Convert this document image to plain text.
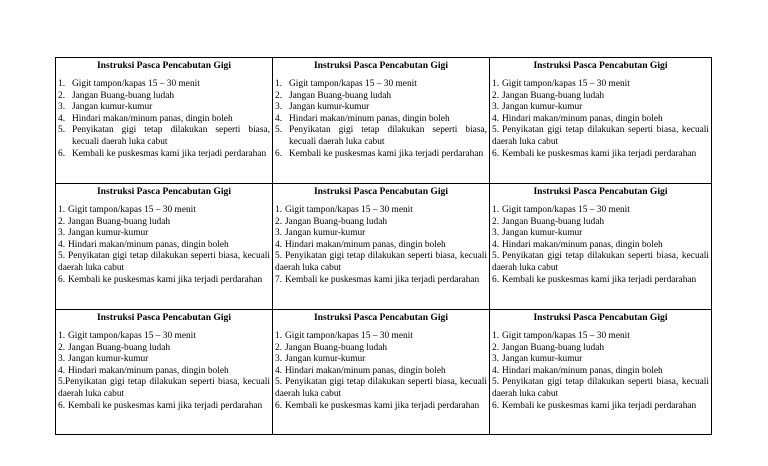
Instruksi Pasca Pencabutan Gigi
1. Gigit tampon/kapas 15 – 30 menit
2. Jangan Buang-buang ludah
3. Jangan kumur-kumur
4. Hindari makan/minum panas, dingin boleh
5. Penyikatan gigi tetap dilakukan seperti biasa, kecuali daerah luka cabut
6. Kembali ke puskesmas kami jika terjadi perdarahan
Instruksi Pasca Pencabutan Gigi
1. Gigit tampon/kapas 15 – 30 menit
2. Jangan Buang-buang ludah
3. Jangan kumur-kumur
4. Hindari makan/minum panas, dingin boleh
5. Penyikatan gigi tetap dilakukan seperti biasa, kecuali daerah luka cabut
6. Kembali ke puskesmas kami jika terjadi perdarahan
Instruksi Pasca Pencabutan Gigi
1. Gigit tampon/kapas 15 – 30 menit
2. Jangan Buang-buang ludah
3. Jangan kumur-kumur
4. Hindari makan/minum panas, dingin boleh
5. Penyikatan gigi tetap dilakukan seperti biasa, kecuali daerah luka cabut
6. Kembali ke puskesmas kami jika terjadi perdarahan
Instruksi Pasca Pencabutan Gigi
1. Gigit tampon/kapas 15 – 30 menit
2. Jangan Buang-buang ludah
3. Jangan kumur-kumur
4. Hindari makan/minum panas, dingin boleh
5. Penyikatan gigi tetap dilakukan seperti biasa, kecuali daerah luka cabut
6. Kembali ke puskesmas kami jika terjadi perdarahan
Instruksi Pasca Pencabutan Gigi
1. Gigit tampon/kapas 15 – 30 menit
2. Jangan Buang-buang ludah
3. Jangan kumur-kumur
4. Hindari makan/minum panas, dingin boleh
5. Penyikatan gigi tetap dilakukan seperti biasa, kecuali daerah luka cabut
7. Kembali ke puskesmas kami jika terjadi perdarahan
Instruksi Pasca Pencabutan Gigi
1. Gigit tampon/kapas 15 – 30 menit
2. Jangan Buang-buang ludah
3. Jangan kumur-kumur
4. Hindari makan/minum panas, dingin boleh
5. Penyikatan gigi tetap dilakukan seperti biasa, kecuali daerah luka cabut
6. Kembali ke puskesmas kami jika terjadi perdarahan
Instruksi Pasca Pencabutan Gigi
1. Gigit tampon/kapas 15 – 30 menit
2. Jangan Buang-buang ludah
3. Jangan kumur-kumur
4. Hindari makan/minum panas, dingin boleh
5.Penyikatan gigi tetap dilakukan seperti biasa, kecuali daerah luka cabut
6. Kembali ke puskesmas kami jika terjadi perdarahan
Instruksi Pasca Pencabutan Gigi
1. Gigit tampon/kapas 15 – 30 menit
2. Jangan Buang-buang ludah
3. Jangan kumur-kumur
4. Hindari makan/minum panas, dingin boleh
5. Penyikatan gigi tetap dilakukan seperti biasa, kecuali daerah luka cabut
6. Kembali ke puskesmas kami jika terjadi perdarahan
Instruksi Pasca Pencabutan Gigi
1. Gigit tampon/kapas 15 – 30 menit
2. Jangan Buang-buang ludah
3. Jangan kumur-kumur
4. Hindari makan/minum panas, dingin boleh
5. Penyikatan gigi tetap dilakukan seperti biasa, kecuali daerah luka cabut
6. Kembali ke puskesmas kami jika terjadi perdarahan
